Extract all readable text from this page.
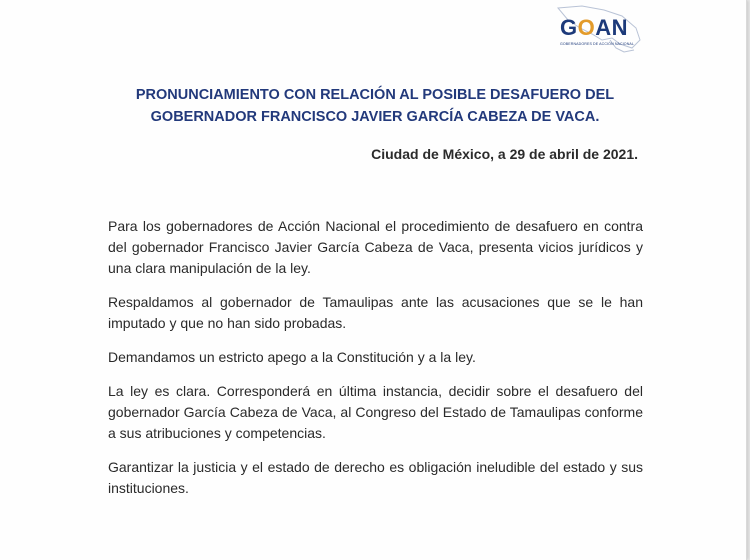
GOAN
GOBERNADORES DE ACCIÓN NACIONAL
PRONUNCIAMIENTO CON RELACIÓN AL POSIBLE DESAFUERO DEL GOBERNADOR FRANCISCO JAVIER GARCÍA CABEZA DE VACA.
Ciudad de México, a 29 de abril de 2021.

Para los gobernadores de Acción Nacional el procedimiento de desafuero en contra del gobernador Francisco Javier García Cabeza de Vaca, presenta vicios jurídicos y una clara manipulación de la ley.

Respaldamos al gobernador de Tamaulipas ante las acusaciones que se le han imputado y que no han sido probadas.

Demandamos un estricto apego a la Constitución y a la ley.

La ley es clara. Corresponderá en última instancia, decidir sobre el desafuero del gobernador García Cabeza de Vaca, al Congreso del Estado de Tamaulipas conforme a sus atribuciones y competencias.

Garantizar la justicia y el estado de derecho es obligación ineludible del estado y sus instituciones.
